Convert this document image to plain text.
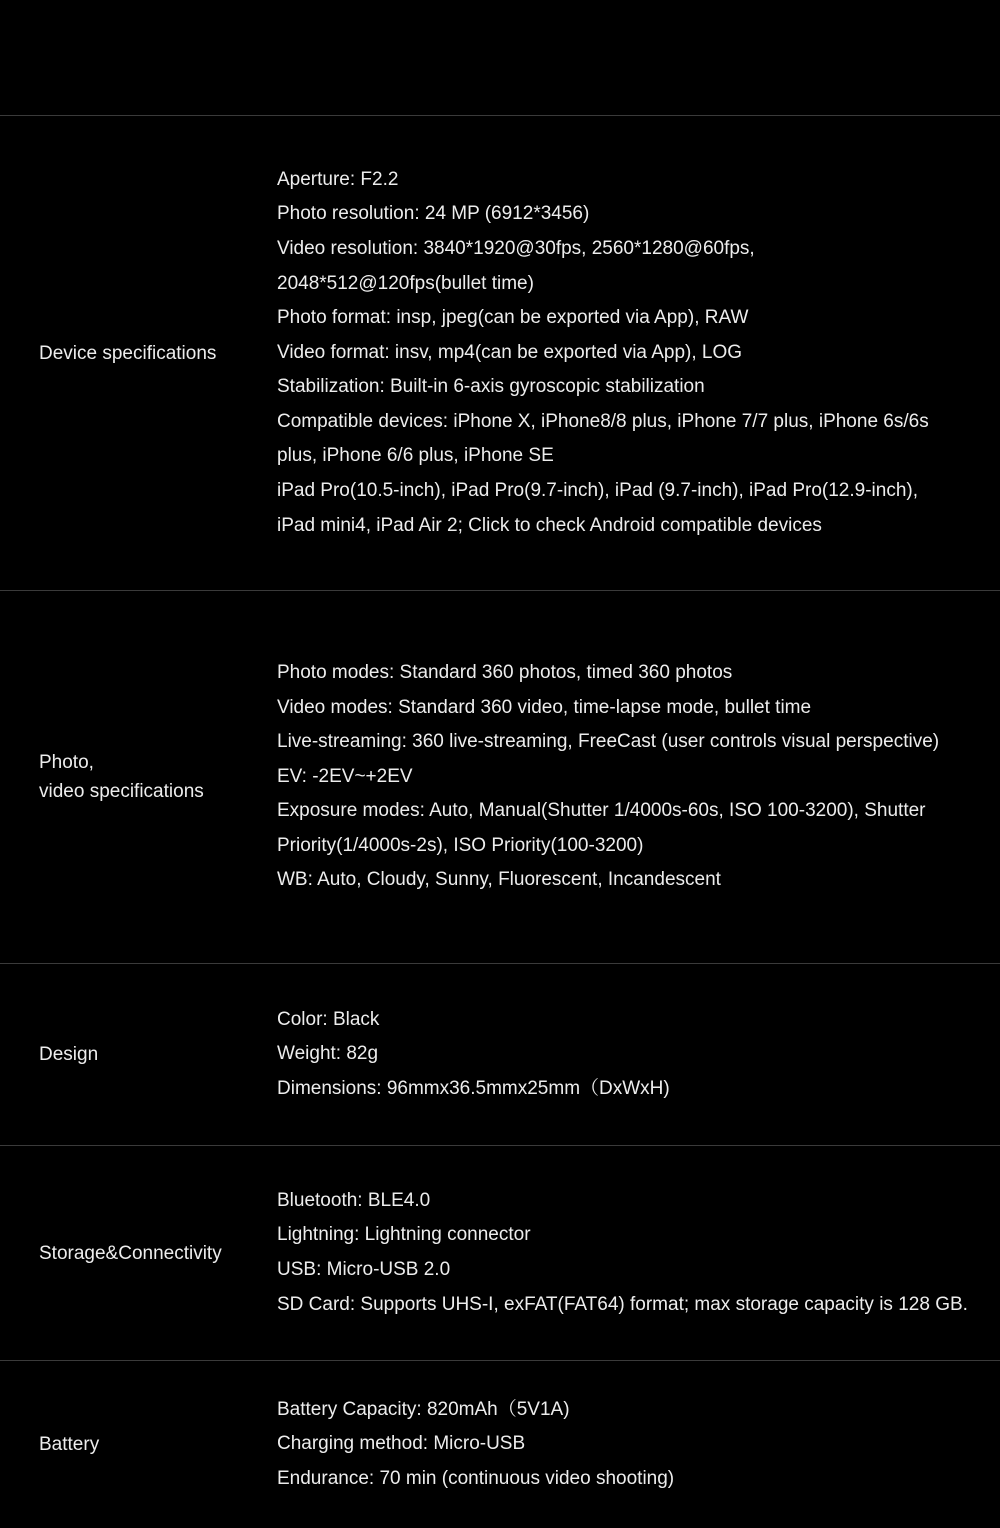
Device specifications
Aperture: F2.2
Photo resolution: 24 MP (6912*3456)
Video resolution: 3840*1920@30fps, 2560*1280@60fps,
2048*512@120fps(bullet time)
Photo format: insp, jpeg(can be exported via App), RAW
Video format: insv, mp4(can be exported via App), LOG
Stabilization: Built-in 6-axis gyroscopic stabilization
Compatible devices: iPhone X, iPhone8/8 plus, iPhone 7/7 plus, iPhone 6s/6s
plus, iPhone 6/6 plus, iPhone SE
iPad Pro(10.5-inch), iPad Pro(9.7-inch), iPad (9.7-inch), iPad Pro(12.9-inch),
iPad mini4, iPad Air 2; Click to check Android compatible devices
Photo,
video specifications
Photo modes: Standard 360 photos, timed 360 photos
Video modes: Standard 360 video, time-lapse mode, bullet time
Live-streaming: 360 live-streaming, FreeCast (user controls visual perspective)
EV: -2EV~+2EV
Exposure modes: Auto, Manual(Shutter 1/4000s-60s, ISO 100-3200), Shutter
Priority(1/4000s-2s), ISO Priority(100-3200)
WB: Auto, Cloudy, Sunny, Fluorescent, Incandescent
Design
Color: Black
Weight: 82g
Dimensions: 96mmx36.5mmx25mm（DxWxH)
Storage&Connectivity
Bluetooth: BLE4.0
Lightning: Lightning connector
USB: Micro-USB 2.0
SD Card: Supports UHS-I, exFAT(FAT64) format; max storage capacity is 128 GB.
Battery
Battery Capacity: 820mAh（5V1A)
Charging method: Micro-USB
Endurance: 70 min (continuous video shooting)
